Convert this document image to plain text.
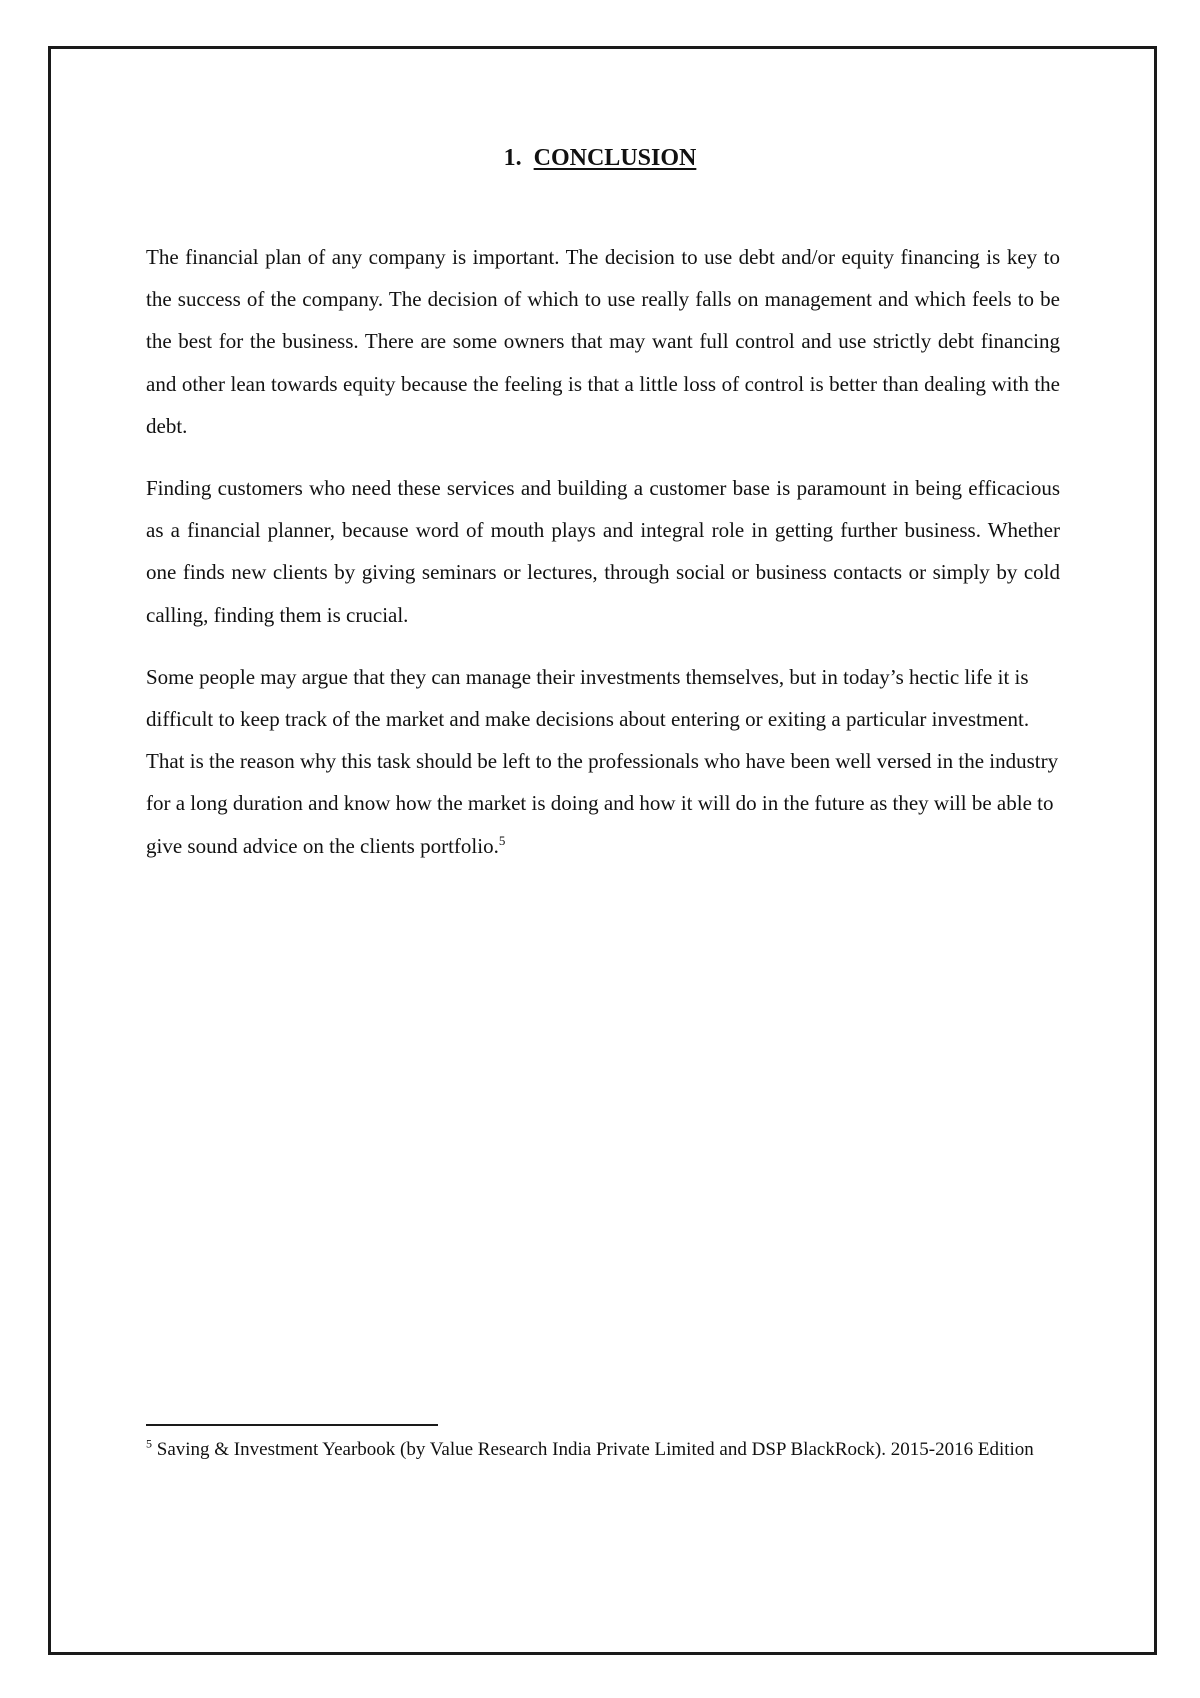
1. CONCLUSION

The financial plan of any company is important. The decision to use debt and/or equity financing is key to the success of the company. The decision of which to use really falls on management and which feels to be the best for the business. There are some owners that may want full control and use strictly debt financing and other lean towards equity because the feeling is that a little loss of control is better than dealing with the debt.

Finding customers who need these services and building a customer base is paramount in being efficacious as a financial planner, because word of mouth plays and integral role in getting further business. Whether one finds new clients by giving seminars or lectures, through social or business contacts or simply by cold calling, finding them is crucial.

Some people may argue that they can manage their investments themselves, but in today’s hectic life it is difficult to keep track of the market and make decisions about entering or exiting a particular investment. That is the reason why this task should be left to the professionals who have been well versed in the industry for a long duration and know how the market is doing and how it will do in the future as they will be able to give sound advice on the clients portfolio.$^5$

$^5$ Saving & Investment Yearbook (by Value Research India Private Limited and DSP BlackRock). 2015-2016 Edition
